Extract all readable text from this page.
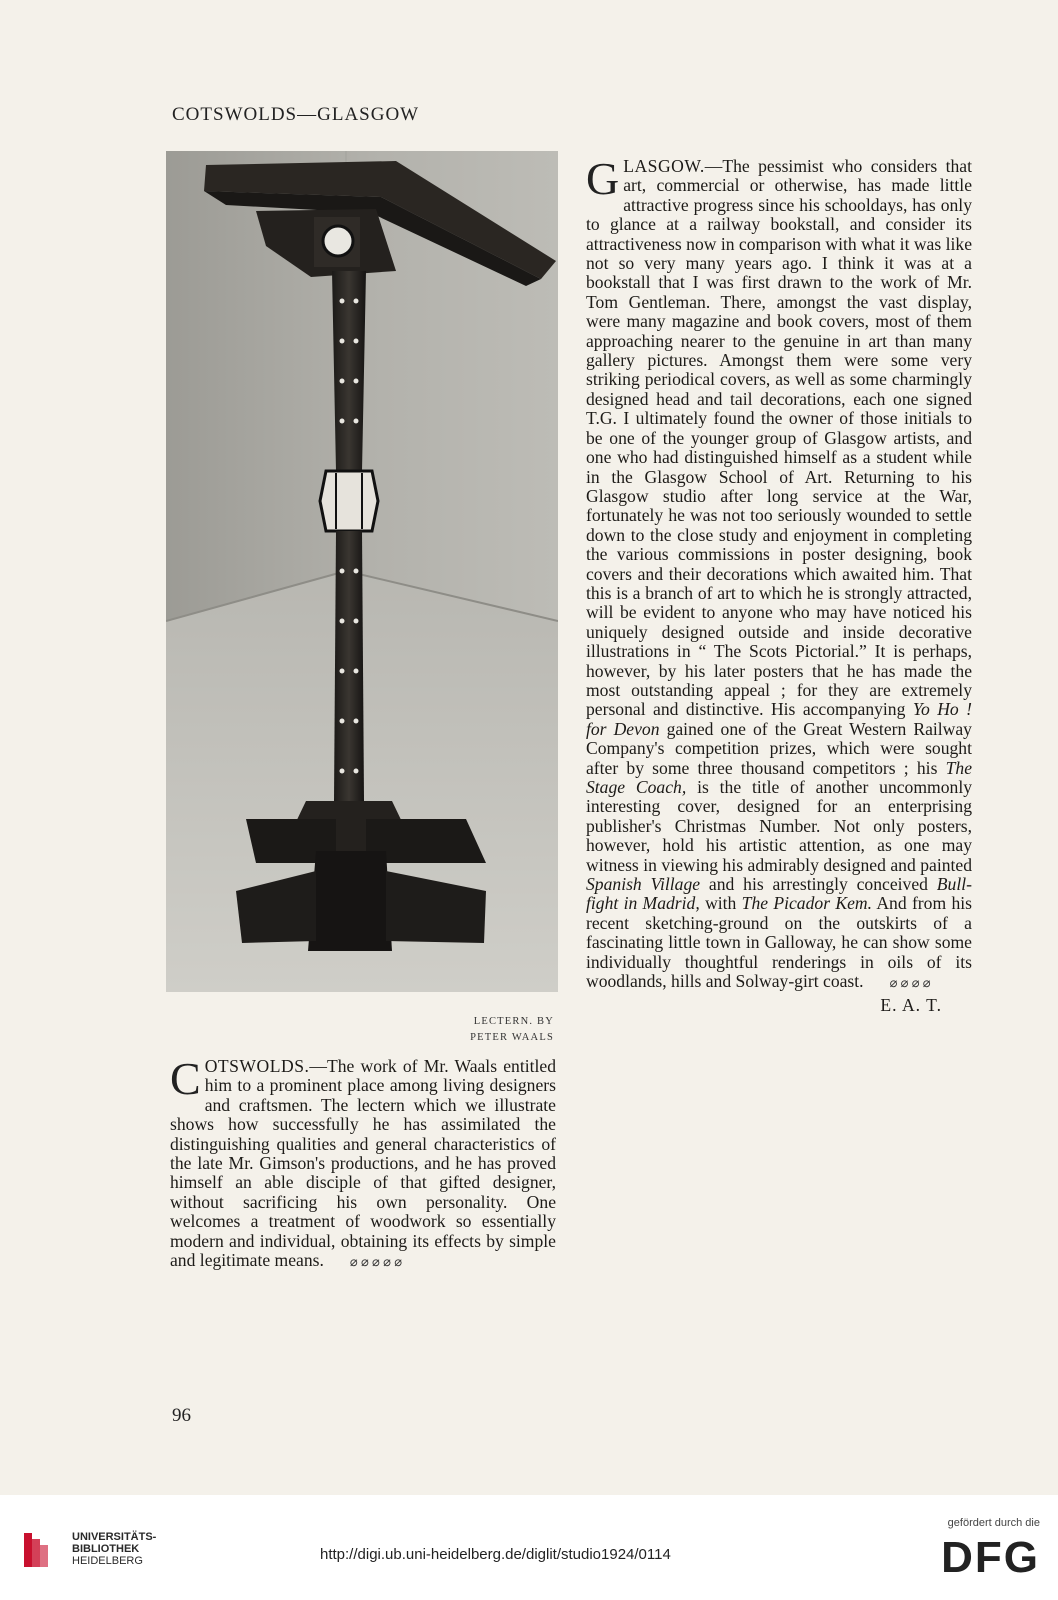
COTSWOLDS—GLASGOW
LECTERN. BY
PETER WAALS
COTSWOLDS.—The work of Mr. Waals entitled him to a prominent place among living designers and craftsmen. The lectern which we illustrate shows how successfully he has assimilated the distinguishing qualities and general characteristics of the late Mr. Gimson's productions, and he has proved himself an able disciple of that gifted designer, without sacrificing his own personality. One welcomes a treatment of woodwork so essentially modern and individual, obtaining its effects by simple and legitimate means. ⌀ ⌀ ⌀ ⌀ ⌀
GLASGOW.—The pessimist who considers that art, commercial or otherwise, has made little attractive progress since his schooldays, has only to glance at a railway bookstall, and consider its attractiveness now in comparison with what it was like not so very many years ago. I think it was at a bookstall that I was first drawn to the work of Mr. Tom Gentleman. There, amongst the vast display, were many magazine and book covers, most of them approaching nearer to the genuine in art than many gallery pictures. Amongst them were some very striking periodical covers, as well as some charmingly designed head and tail decorations, each one signed T.G. I ultimately found the owner of those initials to be one of the younger group of Glasgow artists, and one who had distinguished himself as a student while in the Glasgow School of Art. Returning to his Glasgow studio after long service at the War, fortunately he was not too seriously wounded to settle down to the close study and enjoyment in completing the various commissions in poster designing, book covers and their decorations which awaited him. That this is a branch of art to which he is strongly attracted, will be evident to anyone who may have noticed his uniquely designed outside and inside decorative illustrations in “ The Scots Pictorial.” It is perhaps, however, by his later posters that he has made the most outstanding appeal ; for they are extremely personal and distinctive. His accompanying Yo Ho ! for Devon gained one of the Great Western Railway Company's competition prizes, which were sought after by some three thousand competitors ; his The Stage Coach, is the title of another uncommonly interesting cover, designed for an enterprising publisher's Christmas Number. Not only posters, however, hold his artistic attention, as one may witness in viewing his admirably designed and painted Spanish Village and his arrestingly conceived Bull-fight in Madrid, with The Picador Kem. And from his recent sketching-ground on the outskirts of a fascinating little town in Galloway, he can show some individually thoughtful renderings in oils of its woodlands, hills and Solway-girt coast. ⌀ ⌀ ⌀ ⌀
E. A. T.
96
UNIVERSITÄTS-
BIBLIOTHEK
HEIDELBERG	http://digi.ub.uni-heidelberg.de/diglit/studio1924/0114
gefördert durch die
DFG
